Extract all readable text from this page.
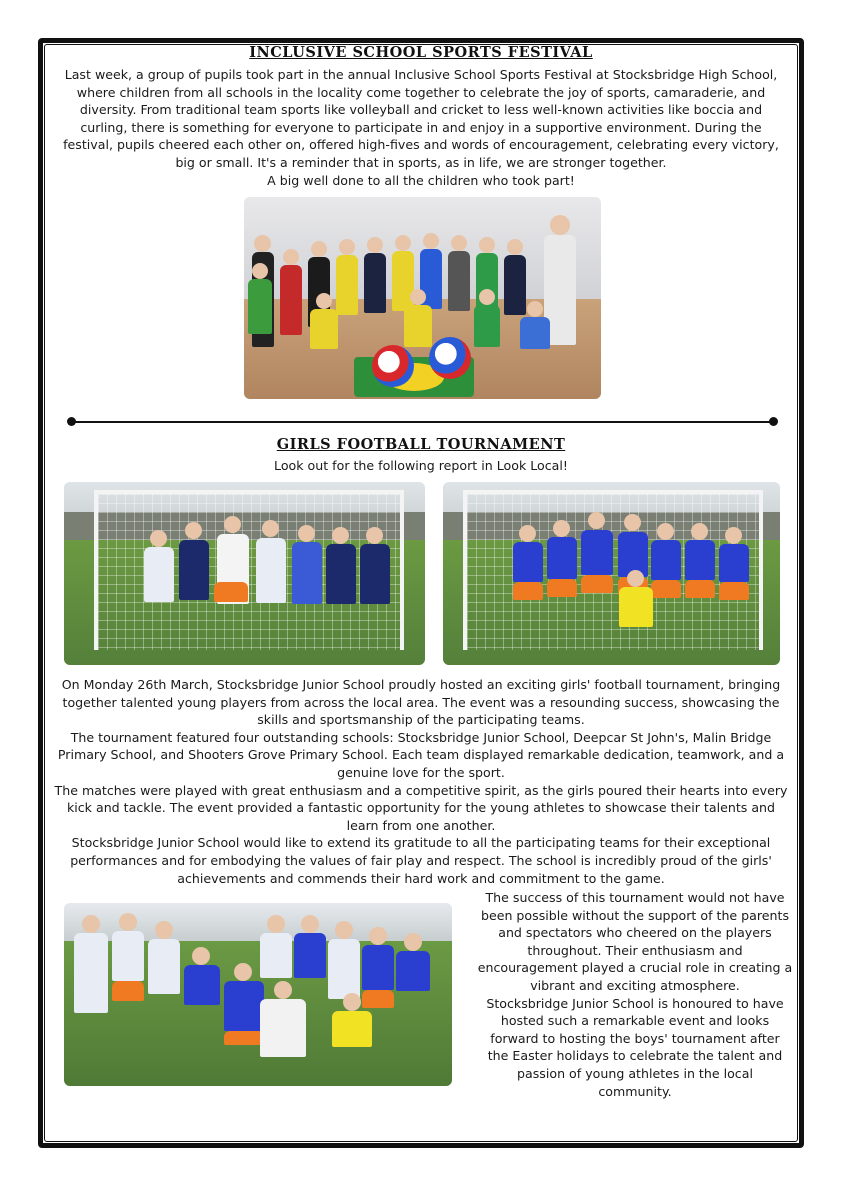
INCLUSIVE SCHOOL SPORTS FESTIVAL
Last week, a group of pupils took part in the annual Inclusive School Sports Festival at Stocksbridge High School,
where children from all schools in the locality come together to celebrate the joy of sports, camaraderie, and
diversity. From traditional team sports like volleyball and cricket to less well-known activities like boccia and
curling, there is something for everyone to participate in and enjoy in a supportive environment. During the
festival, pupils cheered each other on, offered high-fives and words of encouragement, celebrating every victory,
big or small. It's a reminder that in sports, as in life, we are stronger together.
A big well done to all the children who took part!
GIRLS FOOTBALL TOURNAMENT
Look out for the following report in Look Local!
On Monday 26th March, Stocksbridge Junior School proudly hosted an exciting girls' football tournament, bringing
together talented young players from across the local area. The event was a resounding success, showcasing the
skills and sportsmanship of the participating teams.
The tournament featured four outstanding schools: Stocksbridge Junior School, Deepcar St John's, Malin Bridge
Primary School, and Shooters Grove Primary School. Each team displayed remarkable dedication, teamwork, and a
genuine love for the sport.
The matches were played with great enthusiasm and a competitive spirit, as the girls poured their hearts into every
kick and tackle. The event provided a fantastic opportunity for the young athletes to showcase their talents and
learn from one another.
Stocksbridge Junior School would like to extend its gratitude to all the participating teams for their exceptional
performances and for embodying the values of fair play and respect. The school is incredibly proud of the girls'
achievements and commends their hard work and commitment to the game.
The success of this tournament would not have
been possible without the support of the parents
and spectators who cheered on the players
throughout. Their enthusiasm and
encouragement played a crucial role in creating a
vibrant and exciting atmosphere.
Stocksbridge Junior School is honoured to have
hosted such a remarkable event and looks
forward to hosting the boys' tournament after
the Easter holidays to celebrate the talent and
passion of young athletes in the local
community.
